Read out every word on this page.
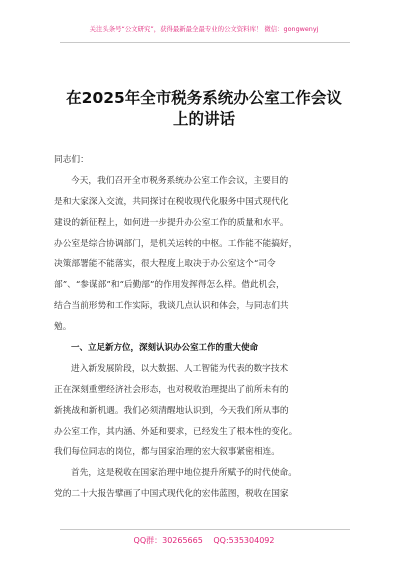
关注头条号“公文研究”，获得最新最全最专业的公文资料库！ 微信：gongwenyj
在2025年全市税务系统办公室工作会议
上的讲话
同志们：
今天，我们召开全市税务系统办公室工作会议，主要目的
是和大家深入交流，共同探讨在税收现代化服务中国式现代化
建设的新征程上，如何进一步提升办公室工作的质量和水平。
办公室是综合协调部门，是机关运转的中枢。工作能不能搞好，
决策部署能不能落实，很大程度上取决于办公室这个“司令
部”、“参谋部”和“后勤部”的作用发挥得怎么样。借此机会，
结合当前形势和工作实际，我谈几点认识和体会，与同志们共
勉。
一、立足新方位，深刻认识办公室工作的重大使命
进入新发展阶段，以大数据、人工智能为代表的数字技术
正在深刻重塑经济社会形态，也对税收治理提出了前所未有的
新挑战和新机遇。我们必须清醒地认识到，今天我们所从事的
办公室工作，其内涵、外延和要求，已经发生了根本性的变化。
我们每位同志的岗位，都与国家治理的宏大叙事紧密相连。
首先，这是税收在国家治理中地位提升所赋予的时代使命。
党的二十大报告擘画了中国式现代化的宏伟蓝图，税收在国家
QQ群：30265665 QQ:535304092
